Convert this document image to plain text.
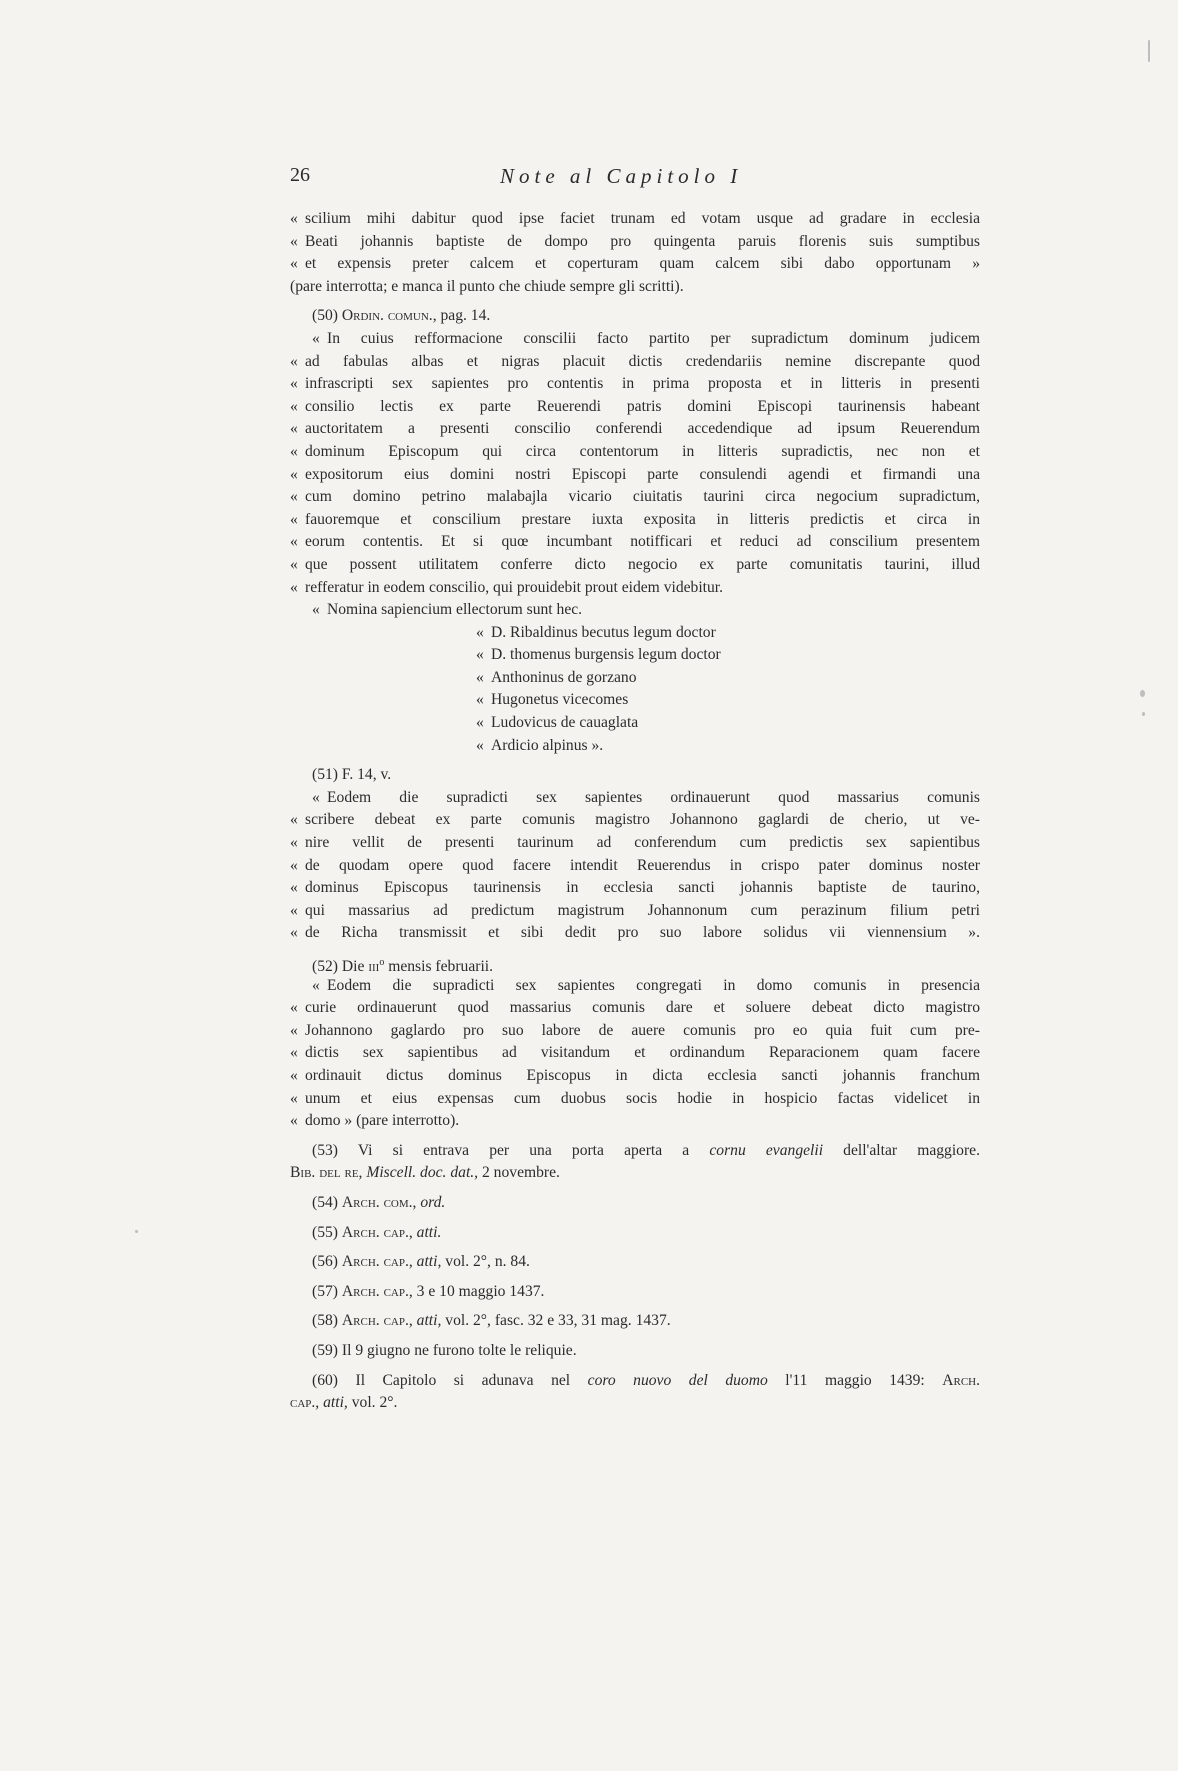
26	Note al Capitolo I
« scilium mihi dabitur quod ipse faciet trunam ed votam usque ad gradare in ecclesia
« Beati johannis baptiste de dompo pro quingenta paruis florenis suis sumptibus
« et expensis preter calcem et coperturam quam calcem sibi dabo opportunam »
(pare interrotta; e manca il punto che chiude sempre gli scritti).
(50) Ordin. comun., pag. 14.
« In cuius refformacione conscilii facto partito per supradictum dominum judicem
« ad fabulas albas et nigras placuit dictis credendariis nemine discrepante quod
« infrascripti sex sapientes pro contentis in prima proposta et in litteris in presenti
« consilio lectis ex parte Reuerendi patris domini Episcopi taurinensis habeant
« auctoritatem a presenti conscilio conferendi accedendique ad ipsum Reuerendum
« dominum Episcopum qui circa contentorum in litteris supradictis, nec non et
« expositorum eius domini nostri Episcopi parte consulendi agendi et firmandi una
« cum domino petrino malabajla vicario ciuitatis taurini circa negocium supradictum,
« fauoremque et conscilium prestare iuxta exposita in litteris predictis et circa in
« eorum contentis. Et si quœ incumbant notifficari et reduci ad conscilium presentem
« que possent utilitatem conferre dicto negocio ex parte comunitatis taurini, illud
« refferatur in eodem conscilio, qui prouidebit prout eidem videbitur.
« Nomina sapiencium ellectorum sunt hec.
« D. Ribaldinus becutus legum doctor
« D. thomenus burgensis legum doctor
« Anthoninus de gorzano
« Hugonetus vicecomes
« Ludovicus de cauaglata
« Ardicio alpinus ».
(51) F. 14, v.
« Eodem die supradicti sex sapientes ordinauerunt quod massarius comunis
« scribere debeat ex parte comunis magistro Johannono gaglardi de cherio, ut ve-
« nire vellit de presenti taurinum ad conferendum cum predictis sex sapientibus
« de quodam opere quod facere intendit Reuerendus in crispo pater dominus noster
« dominus Episcopus taurinensis in ecclesia sancti johannis baptiste de taurino,
« qui massarius ad predictum magistrum Johannonum cum perazinum filium petri
« de Richa transmissit et sibi dedit pro suo labore solidus vii viennensium ».
(52) Die iii$^o$ mensis februarii.
« Eodem die supradicti sex sapientes congregati in domo comunis in presencia
« curie ordinauerunt quod massarius comunis dare et soluere debeat dicto magistro
« Johannono gaglardo pro suo labore de auere comunis pro eo quia fuit cum pre-
« dictis sex sapientibus ad visitandum et ordinandum Reparacionem quam facere
« ordinauit dictus dominus Episcopus in dicta ecclesia sancti johannis franchum
« unum et eius expensas cum duobus socis hodie in hospicio factas videlicet in
« domo » (pare interrotto).
(53) Vi si entrava per una porta aperta a cornu evangelii dell'altar maggiore.
Bib. del re, Miscell. doc. dat., 2 novembre.
(54) Arch. com., ord.
(55) Arch. cap., atti.
(56) Arch. cap., atti, vol. 2°, n. 84.
(57) Arch. cap., 3 e 10 maggio 1437.
(58) Arch. cap., atti, vol. 2°, fasc. 32 e 33, 31 mag. 1437.
(59) Il 9 giugno ne furono tolte le reliquie.
(60) Il Capitolo si adunava nel coro nuovo del duomo l'11 maggio 1439: Arch.
cap., atti, vol. 2°.
